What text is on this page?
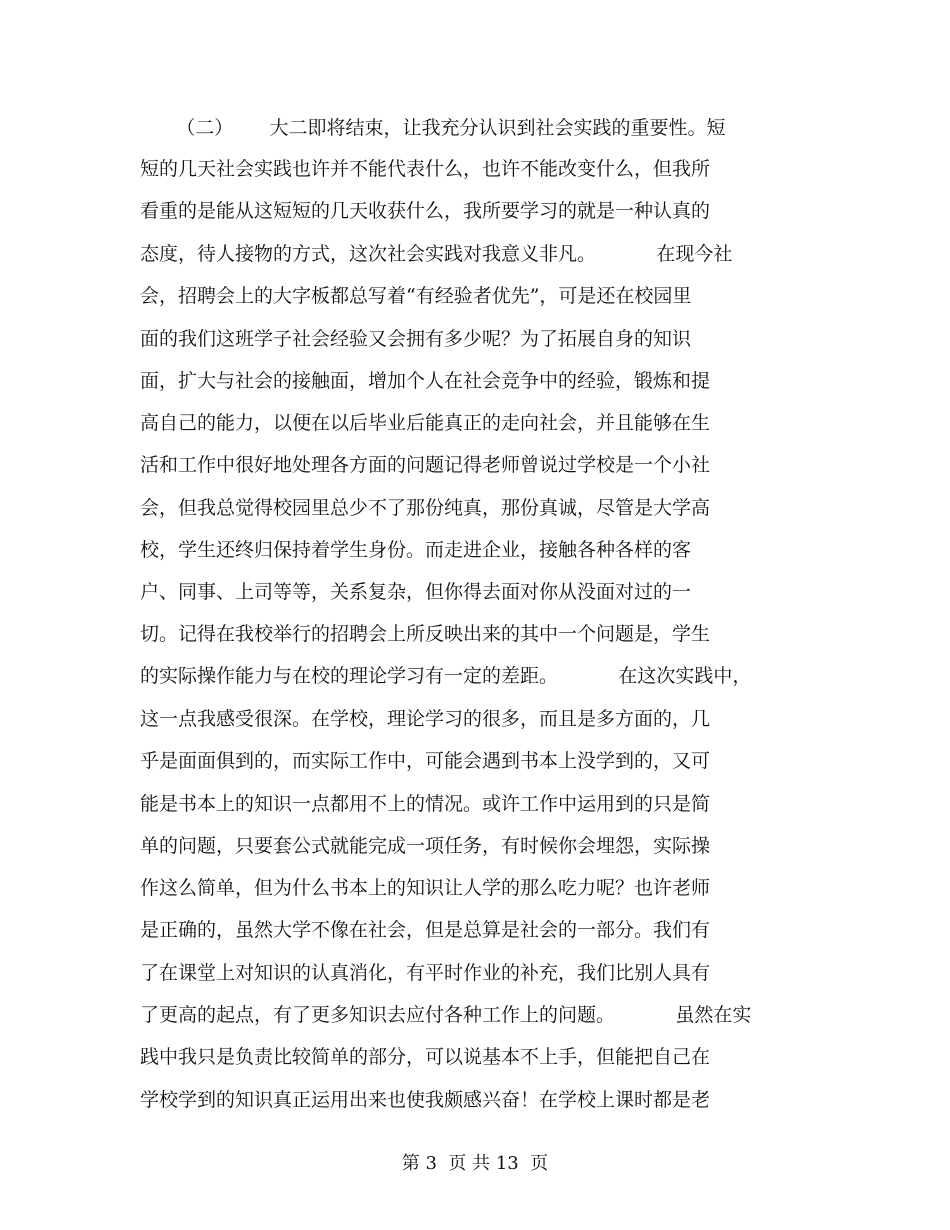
（二）      大二即将结束，让我充分认识到社会实践的重要性。短
短的几天社会实践也许并不能代表什么，也许不能改变什么，但我所
看重的是能从这短短的几天收获什么，我所要学习的就是一种认真的
态度，待人接物的方式，这次社会实践对我意义非凡。          在现今社
会，招聘会上的大字板都总写着“有经验者优先”，可是还在校园里
面的我们这班学子社会经验又会拥有多少呢？为了拓展自身的知识
面，扩大与社会的接触面，增加个人在社会竞争中的经验，锻炼和提
高自己的能力，以便在以后毕业后能真正的走向社会，并且能够在生
活和工作中很好地处理各方面的问题记得老师曾说过学校是一个小社
会，但我总觉得校园里总少不了那份纯真，那份真诚，尽管是大学高
校，学生还终归保持着学生身份。而走进企业，接触各种各样的客
户、同事、上司等等，关系复杂，但你得去面对你从没面对过的一
切。记得在我校举行的招聘会上所反映出来的其中一个问题是，学生
的实际操作能力与在校的理论学习有一定的差距。          在这次实践中，
这一点我感受很深。在学校，理论学习的很多，而且是多方面的，几
乎是面面俱到的，而实际工作中，可能会遇到书本上没学到的，又可
能是书本上的知识一点都用不上的情况。或许工作中运用到的只是简
单的问题，只要套公式就能完成一项任务，有时候你会埋怨，实际操
作这么简单，但为什么书本上的知识让人学的那么吃力呢？也许老师
是正确的，虽然大学不像在社会，但是总算是社会的一部分。我们有
了在课堂上对知识的认真消化，有平时作业的补充，我们比别人具有
了更高的起点，有了更多知识去应付各种工作上的问题。          虽然在实
践中我只是负责比较简单的部分，可以说基本不上手，但能把自己在
学校学到的知识真正运用出来也使我颇感兴奋！在学校上课时都是老
第 3  页 共 13  页
